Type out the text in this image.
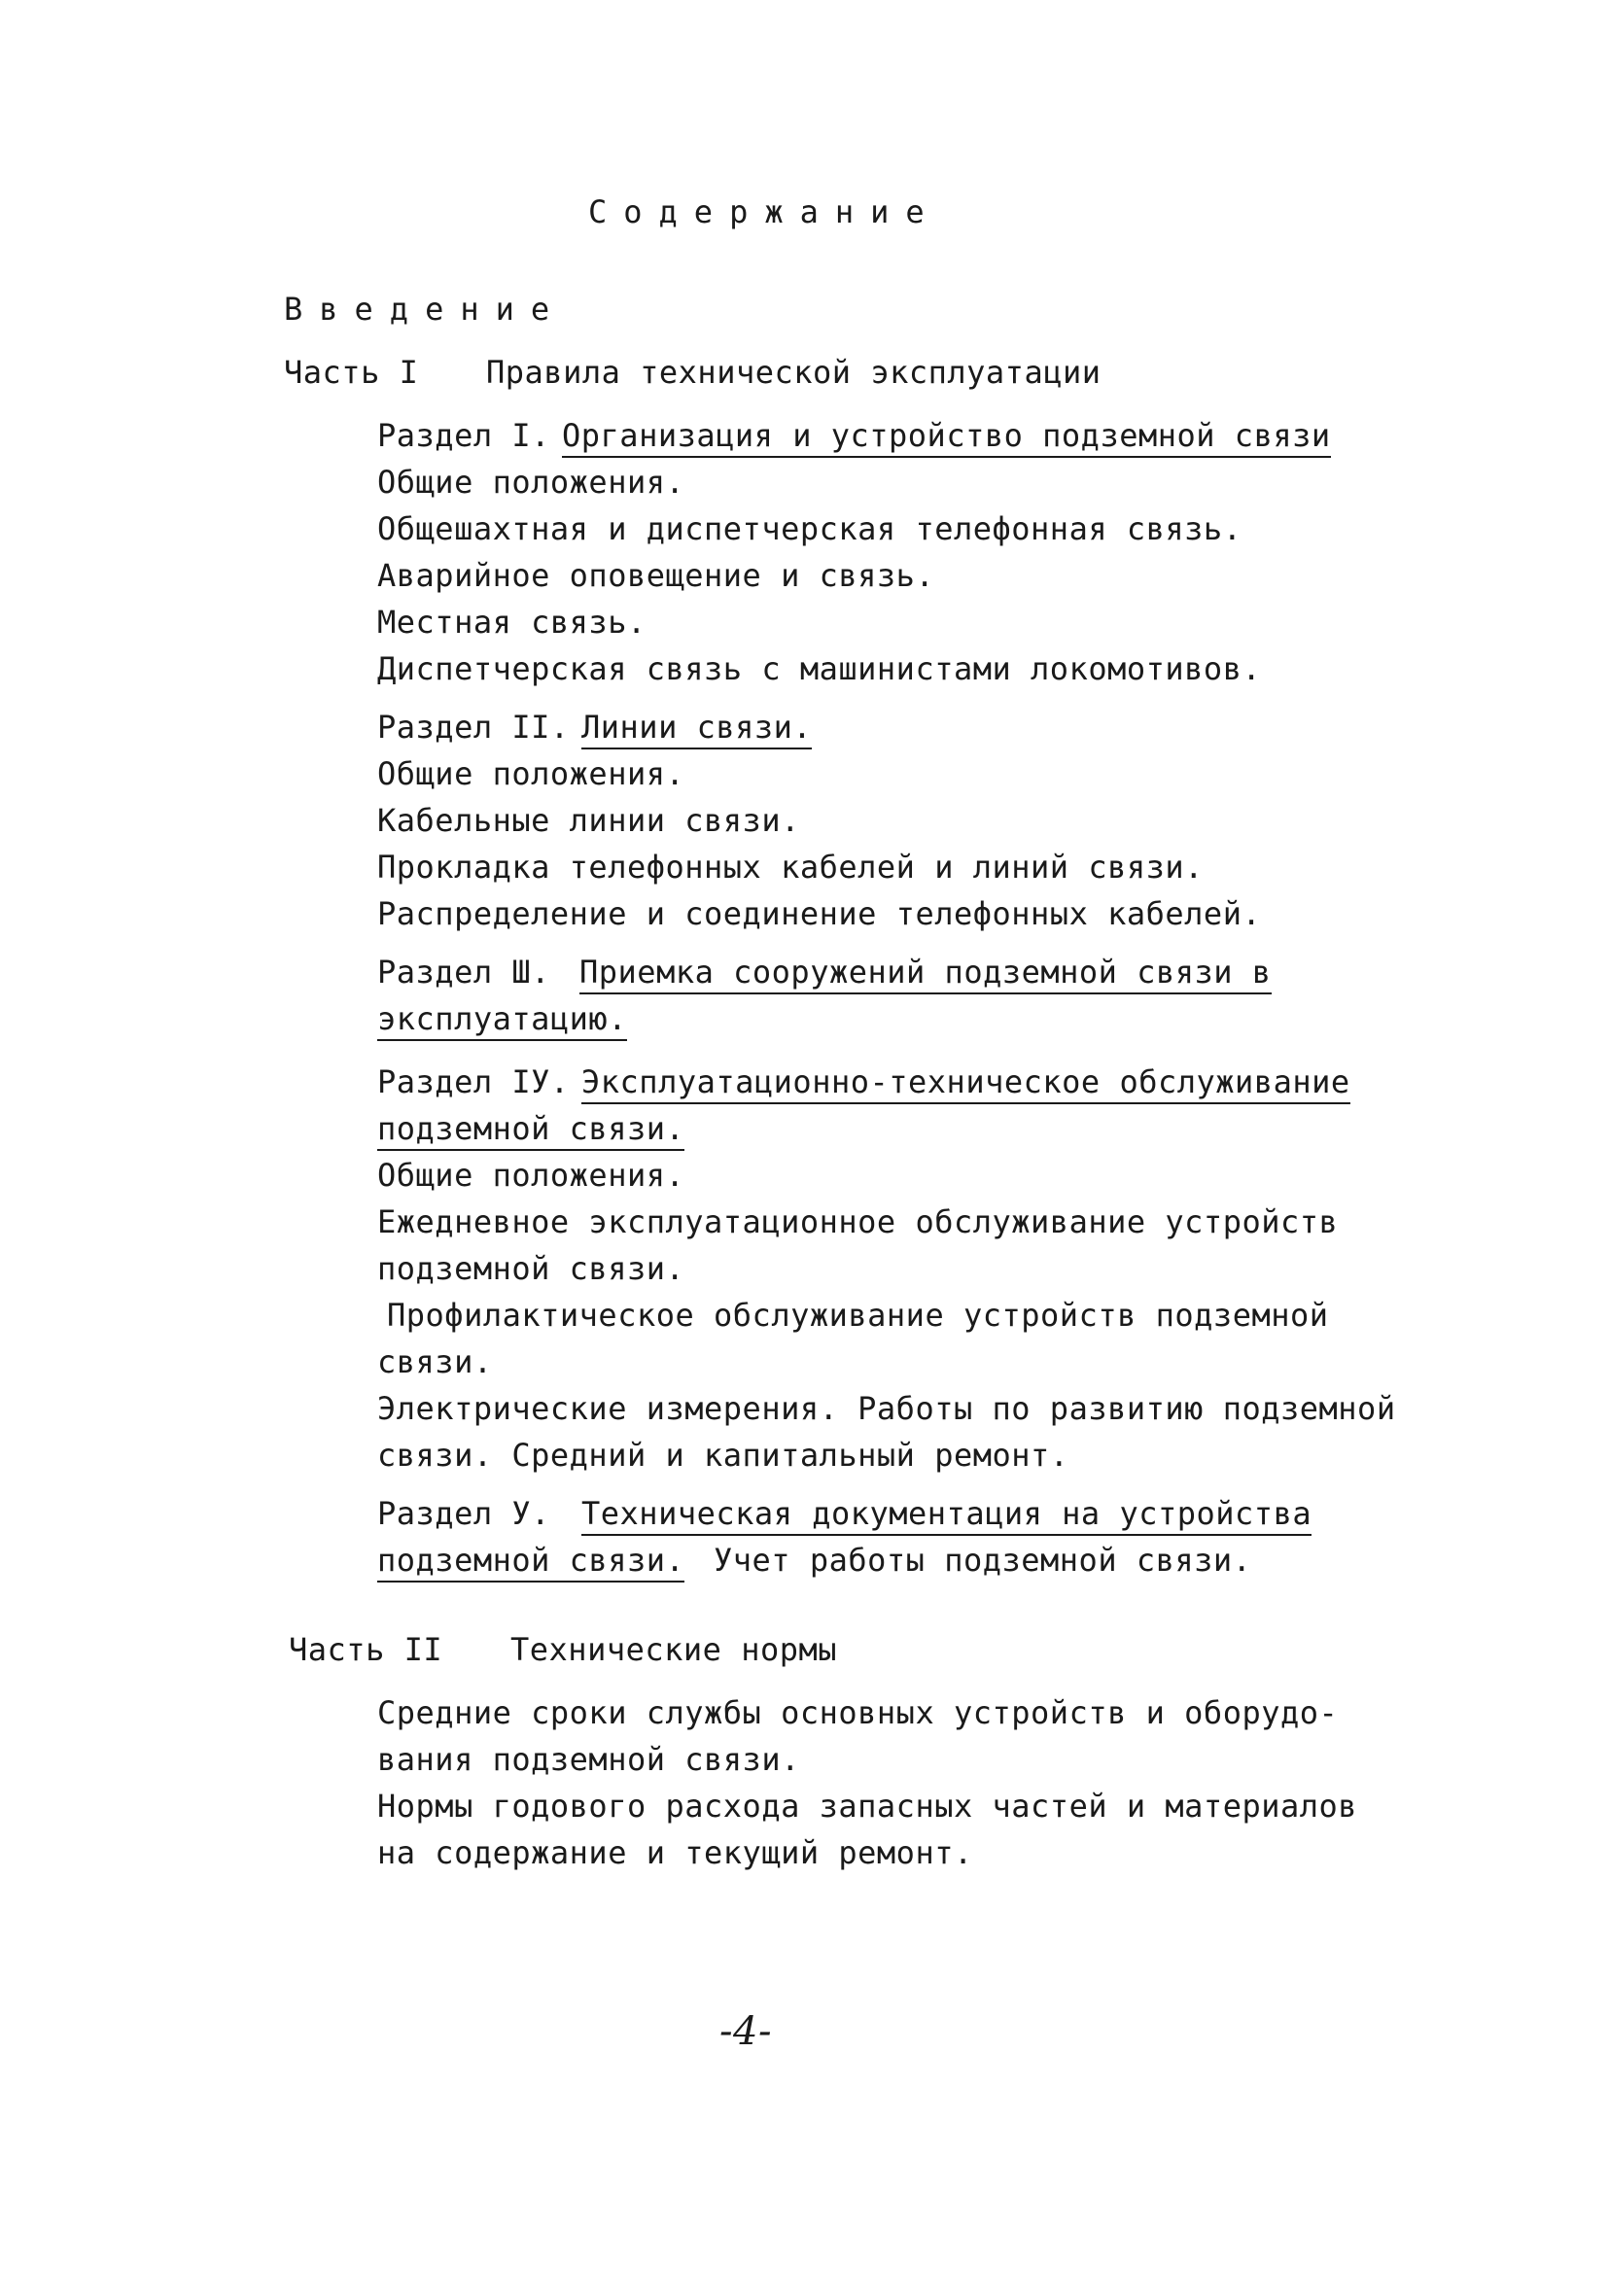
Содержание
Введение
Часть I Правила технической эксплуатации
Раздел I. Организация и устройство подземной связи
Общие положения.
Общешахтная и диспетчерская телефонная связь.
Аварийное оповещение и связь.
Местная связь.
Диспетчерская связь с машинистами локомотивов.
Раздел II. Линии связи.
Общие положения.
Кабельные линии связи.
Прокладка телефонных кабелей и линий связи.
Распределение и соединение телефонных кабелей.
Раздел Ш. Приемка сооружений подземной связи в
эксплуатацию.
Раздел IУ. Эксплуатационно-техническое обслуживание
подземной связи.
Общие положения.
Ежедневное эксплуатационное обслуживание устройств
подземной связи.
Профилактическое обслуживание устройств подземной
связи.
Электрические измерения. Работы по развитию подземной
связи. Средний и капитальный ремонт.
Раздел У. Техническая документация на устройства
подземной связи. Учет работы подземной связи.
Часть II Технические нормы
Средние сроки службы основных устройств и оборудо-
вания подземной связи.
Нормы годового расхода запасных частей и материалов
на содержание и текущий ремонт.
-4-
